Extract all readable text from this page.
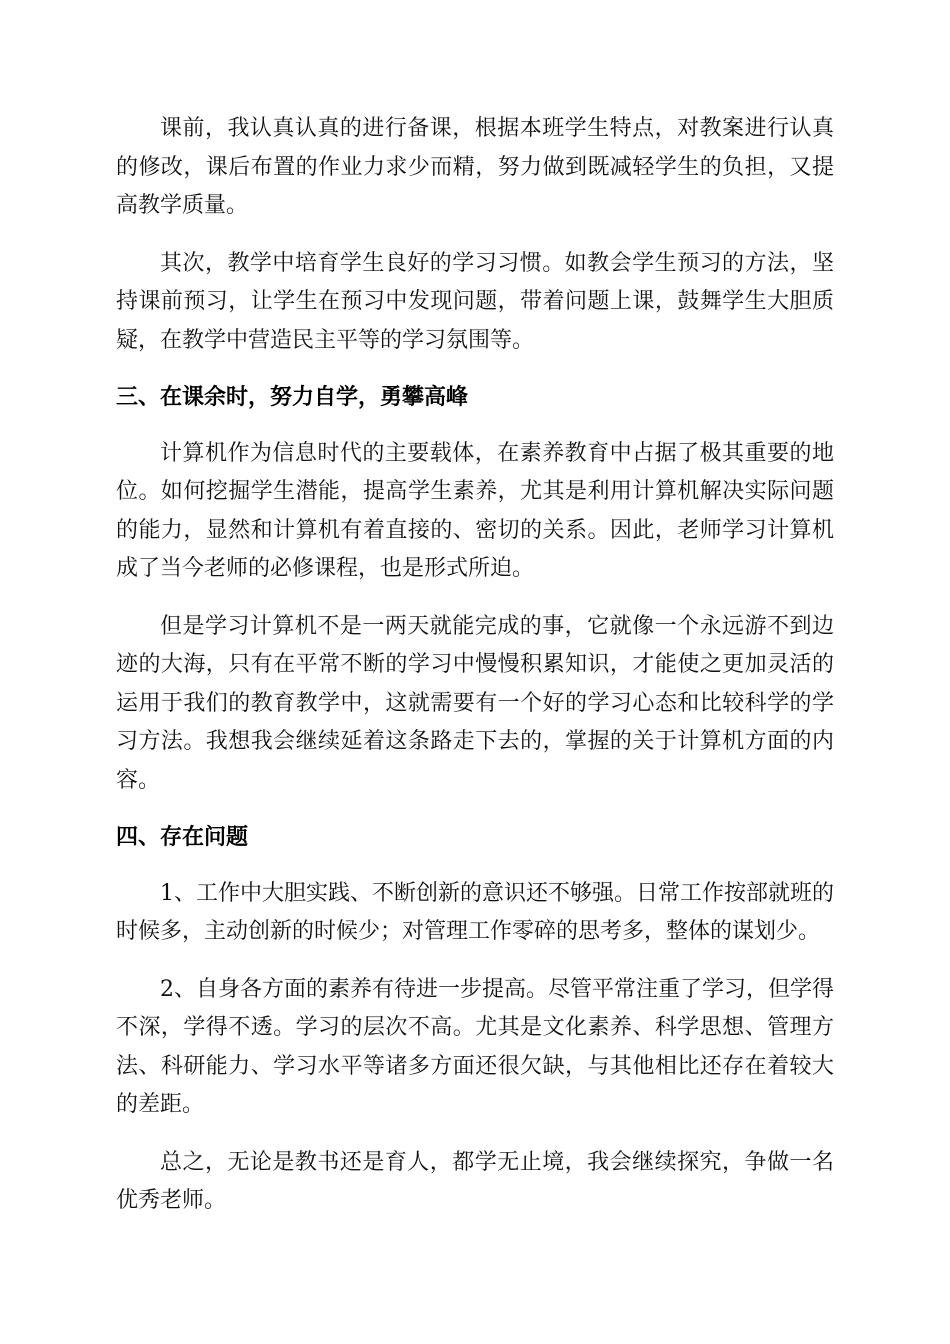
课前，我认真认真的进行备课，根据本班学生特点，对教案进行认真的修改，课后布置的作业力求少而精，努力做到既减轻学生的负担，又提高教学质量。

其次，教学中培育学生良好的学习习惯。如教会学生预习的方法，坚持课前预习，让学生在预习中发现问题，带着问题上课，鼓舞学生大胆质疑，在教学中营造民主平等的学习氛围等。

三、在课余时，努力自学，勇攀高峰

计算机作为信息时代的主要载体，在素养教育中占据了极其重要的地位。如何挖掘学生潜能，提高学生素养，尤其是利用计算机解决实际问题的能力，显然和计算机有着直接的、密切的关系。因此，老师学习计算机成了当今老师的必修课程，也是形式所迫。

但是学习计算机不是一两天就能完成的事，它就像一个永远游不到边迹的大海，只有在平常不断的学习中慢慢积累知识，才能使之更加灵活的运用于我们的教育教学中，这就需要有一个好的学习心态和比较科学的学习方法。我想我会继续延着这条路走下去的，掌握的关于计算机方面的内容。

四、存在问题

1、工作中大胆实践、不断创新的意识还不够强。日常工作按部就班的时候多，主动创新的时候少；对管理工作零碎的思考多，整体的谋划少。

2、自身各方面的素养有待进一步提高。尽管平常注重了学习，但学得不深，学得不透。学习的层次不高。尤其是文化素养、科学思想、管理方法、科研能力、学习水平等诸多方面还很欠缺，与其他相比还存在着较大的差距。

总之，无论是教书还是育人，都学无止境，我会继续探究，争做一名优秀老师。
